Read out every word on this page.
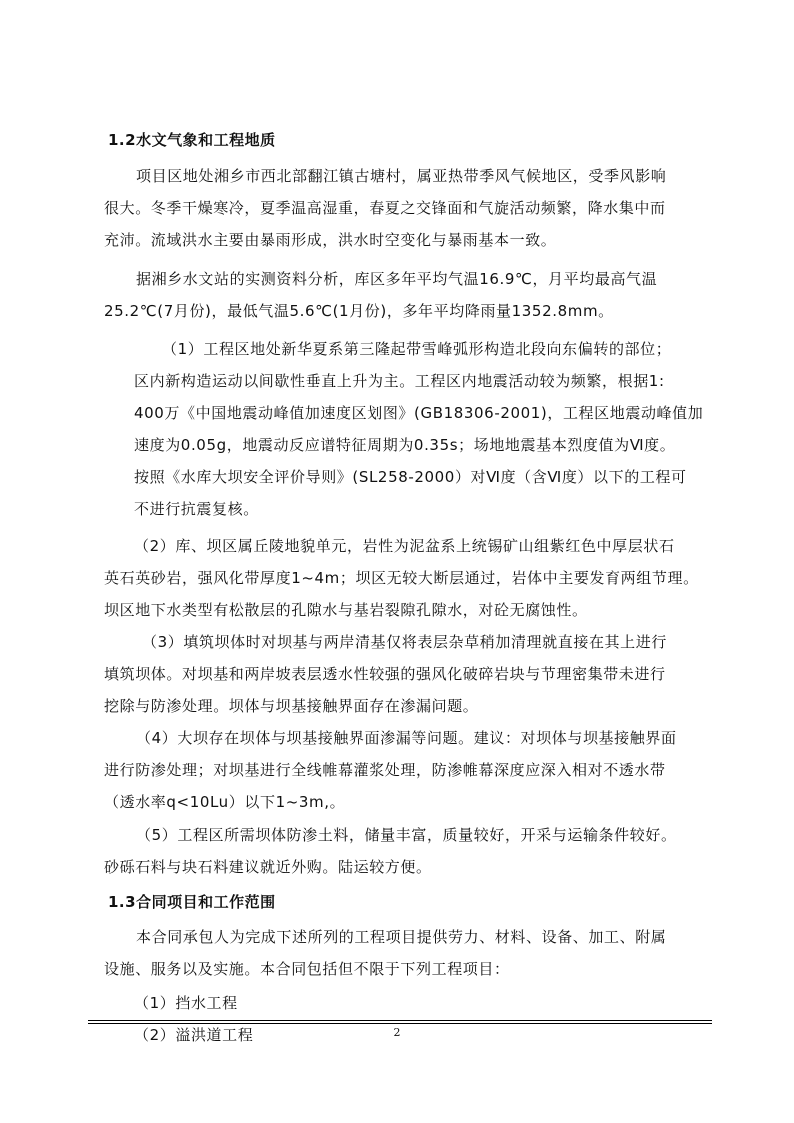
1.2水文气象和工程地质
项目区地处湘乡市西北部翻江镇古塘村，属亚热带季风气候地区，受季风影响
很大。冬季干燥寒冷，夏季温高湿重，春夏之交锋面和气旋活动频繁，降水集中而
充沛。流域洪水主要由暴雨形成，洪水时空变化与暴雨基本一致。
据湘乡水文站的实测资料分析，库区多年平均气温16.9℃，月平均最高气温
25.2℃(7月份)，最低气温5.6℃(1月份)，多年平均降雨量1352.8mm。
（1）工程区地处新华夏系第三隆起带雪峰弧形构造北段向东偏转的部位；
区内新构造运动以间歇性垂直上升为主。工程区内地震活动较为频繁，根据1:
400万《中国地震动峰值加速度区划图》(GB18306-2001)，工程区地震动峰值加
速度为0.05g，地震动反应谱特征周期为0.35s；场地地震基本烈度值为Ⅵ度。
按照《水库大坝安全评价导则》(SL258-2000）对Ⅵ度（含Ⅵ度）以下的工程可
不进行抗震复核。
（2）库、坝区属丘陵地貌单元，岩性为泥盆系上统锡矿山组紫红色中厚层状石
英石英砂岩，强风化带厚度1~4m；坝区无较大断层通过，岩体中主要发育两组节理。
坝区地下水类型有松散层的孔隙水与基岩裂隙孔隙水，对砼无腐蚀性。
（3）填筑坝体时对坝基与两岸清基仅将表层杂草稍加清理就直接在其上进行
填筑坝体。对坝基和两岸坡表层透水性较强的强风化破碎岩块与节理密集带未进行
挖除与防渗处理。坝体与坝基接触界面存在渗漏问题。
（4）大坝存在坝体与坝基接触界面渗漏等问题。建议：对坝体与坝基接触界面
进行防渗处理；对坝基进行全线帷幕灌浆处理，防渗帷幕深度应深入相对不透水带
（透水率q<10Lu）以下1~3m,。
（5）工程区所需坝体防渗土料，储量丰富，质量较好，开采与运输条件较好。
砂砾石料与块石料建议就近外购。陆运较方便。
1.3合同项目和工作范围
本合同承包人为完成下述所列的工程项目提供劳力、材料、设备、加工、附属
设施、服务以及实施。本合同包括但不限于下列工程项目：
（1）挡水工程
（2）溢洪道工程	2
